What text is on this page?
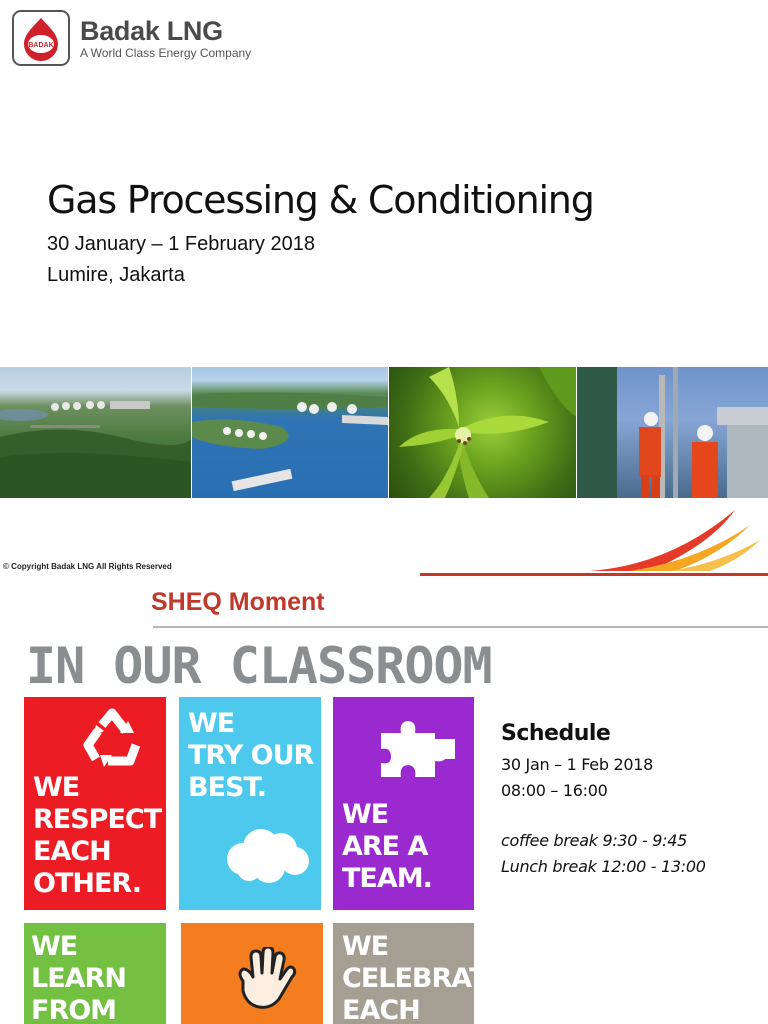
BADAK Badak LNG
A World Class Energy Company
Gas Processing & Conditioning
30 January – 1 February 2018
Lumire, Jakarta
© Copyright Badak LNG All Rights Reserved
SHEQ Moment
IN OUR CLASSROOM
WE
RESPECT
EACH
OTHER.
WE
TRY OUR
BEST.
WE
ARE A
TEAM.
WE
LEARN
FROM
WE
CELEBRATE
EACH
Schedule
30 Jan – 1 Feb 2018
08:00 – 16:00
coffee break 9:30 - 9:45
Lunch break 12:00 - 13:00
